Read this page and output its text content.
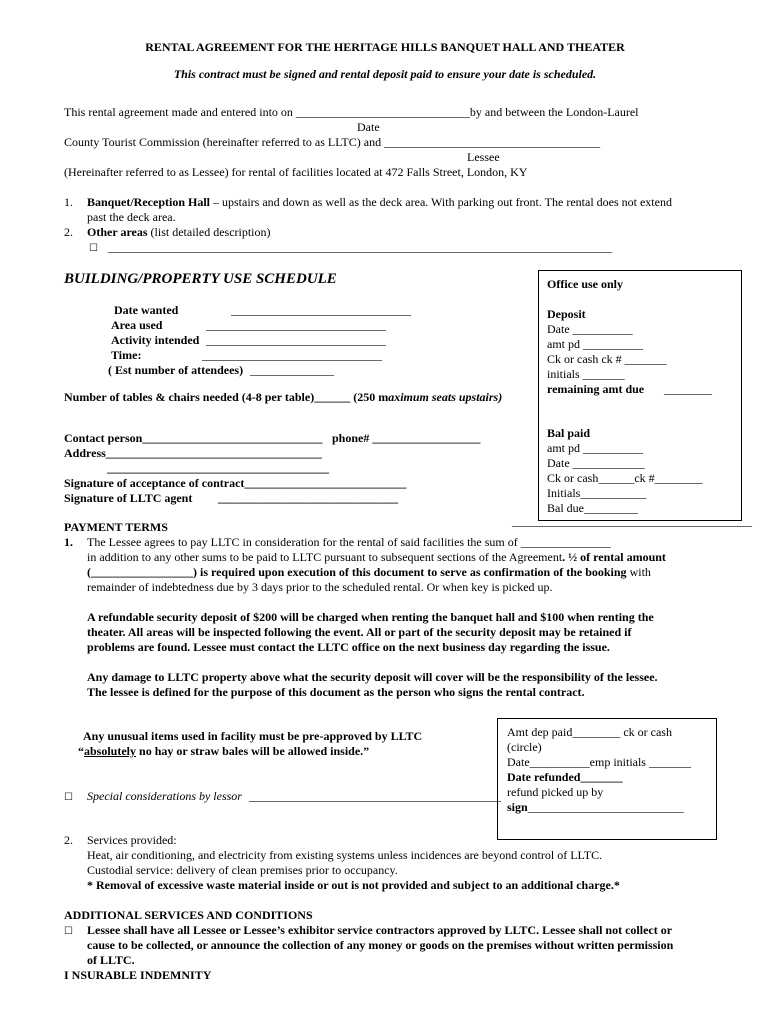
RENTAL AGREEMENT FOR THE HERITAGE HILLS BANQUET HALL AND THEATER
This contract must be signed and rental deposit paid to ensure your date is scheduled.
This rental agreement made and entered into on _____________________________by and between the London-Laurel
Date
County Tourist Commission (hereinafter referred to as LLTC) and ____________________________________
Lessee
(Hereinafter referred to as Lessee) for rental of facilities located at 472 Falls Street, London, KY
1. Banquet/Reception Hall – upstairs and down as well as the deck area. With parking out front. The rental does not extend
past the deck area.
2. Other areas (list detailed description)
☐ ____________________________________________________________________________________
BUILDING/PROPERTY USE SCHEDULE
Date wanted	______________________________
Area used	______________________________
Activity intended ______________________________
Time:	______________________________
( Est number of attendees) ______________
Number of tables & chairs needed (4-8 per table)______ (250 maximum seats upstairs)
Contact person______________________________ phone# __________________
Address____________________________________
_____________________________________
Signature of acceptance of contract___________________________
Signature of LLTC agent ______________________________
Office use only
Deposit
Date __________
amt pd __________
Ck or cash ck # _______
initials _______
remaining amt due ________
Bal paid
amt pd __________
Date ____________
Ck or cash______ck #________
Initials___________
Bal due_________
________________________________________
PAYMENT TERMS
1. The Lessee agrees to pay LLTC in consideration for the rental of said facilities the sum of _______________
in addition to any other sums to be paid to LLTC pursuant to subsequent sections of the Agreement. ½ of rental amount
(_________________) is required upon execution of this document to serve as confirmation of the booking with
remainder of indebtedness due by 3 days prior to the scheduled rental. Or when key is picked up.
A refundable security deposit of $200 will be charged when renting the banquet hall and $100 when renting the
theater. All areas will be inspected following the event. All or part of the security deposit may be retained if
problems are found. Lessee must contact the LLTC office on the next business day regarding the issue.
Any damage to LLTC property above what the security deposit will cover will be the responsibility of the lessee.
The lessee is defined for the purpose of this document as the person who signs the rental contract.
Any unusual items used in facility must be pre-approved by LLTC
“absolutely no hay or straw bales will be allowed inside.”
☐ Special considerations by lessor __________________________________________
Amt dep paid________ ck or cash
(circle)
Date__________emp initials _______
Date refunded_______
refund picked up by
sign__________________________
2. Services provided:
Heat, air conditioning, and electricity from existing systems unless incidences are beyond control of LLTC.
Custodial service: delivery of clean premises prior to occupancy.
* Removal of excessive waste material inside or out is not provided and subject to an additional charge.*
ADDITIONAL SERVICES AND CONDITIONS
☐ Lessee shall have all Lessee or Lessee’s exhibitor service contractors approved by LLTC. Lessee shall not collect or
cause to be collected, or announce the collection of any money or goods on the premises without written permission
of LLTC.
I NSURABLE INDEMNITY
